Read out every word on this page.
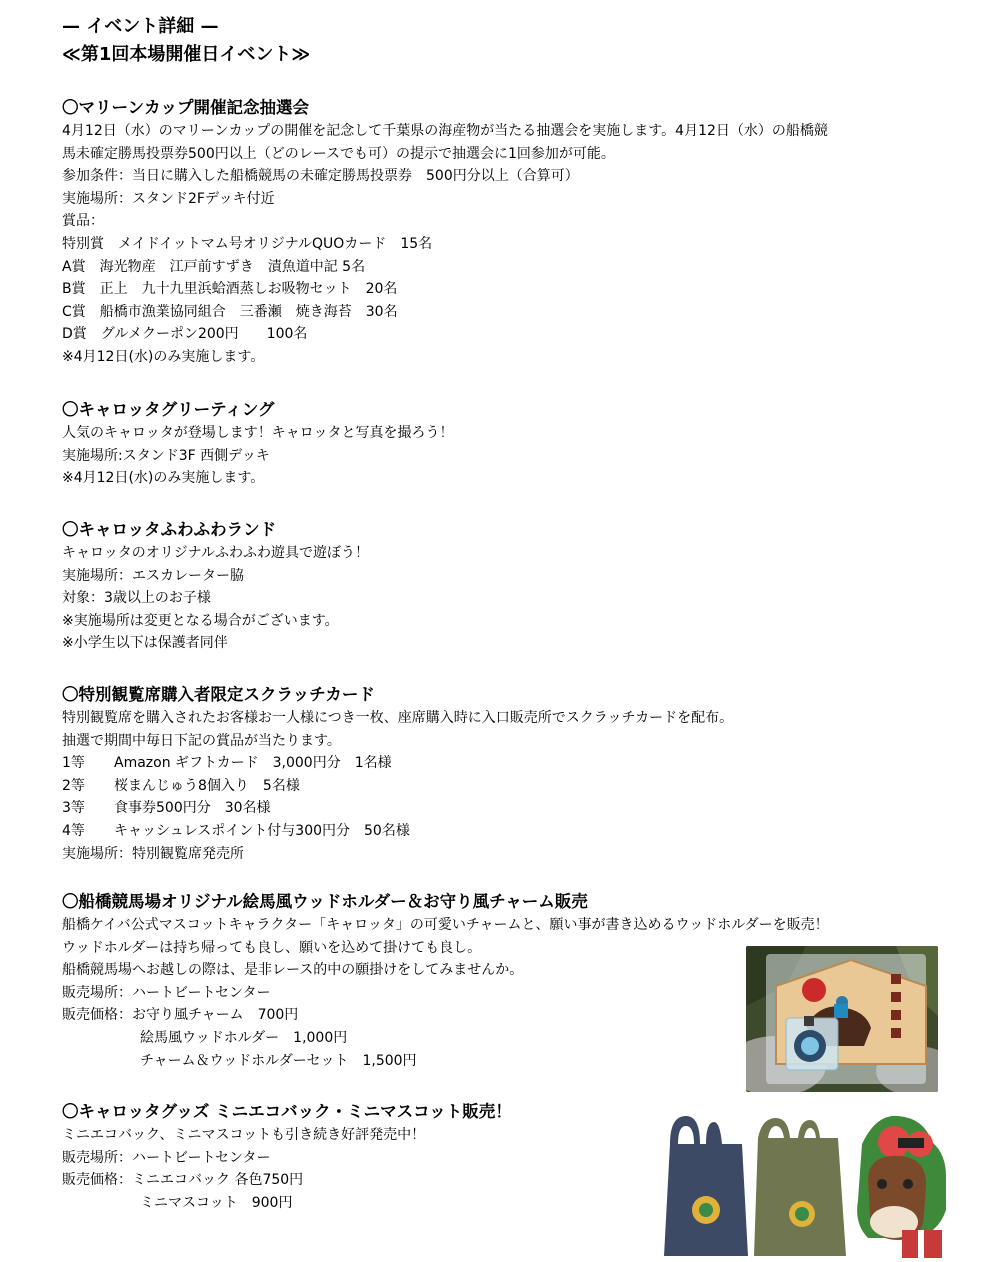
— イベント詳細 —
≪第1回本場開催日イベント≫
〇マリーンカップ開催記念抽選会
4月12日（水）のマリーンカップの開催を記念して千葉県の海産物が当たる抽選会を実施します。4月12日（水）の船橋競
馬未確定勝馬投票券500円以上（どのレースでも可）の提示で抽選会に1回参加が可能。
参加条件：当日に購入した船橋競馬の未確定勝馬投票券　500円分以上（合算可）
実施場所：スタンド2Fデッキ付近
賞品：
特別賞　メイドイットマム号オリジナルQUOカード　15名
A賞　海光物産　江戸前すずき　漬魚道中記 5名
B賞　正上　九十九里浜蛤酒蒸しお吸物セット　20名
C賞　船橋市漁業協同組合　三番瀬　焼き海苔　30名
D賞　グルメクーポン200円　　100名
※4月12日(水)のみ実施します。
〇キャロッタグリーティング
人気のキャロッタが登場します！キャロッタと写真を撮ろう！
実施場所:スタンド3F 西側デッキ
※4月12日(水)のみ実施します。
〇キャロッタふわふわランド
キャロッタのオリジナルふわふわ遊具で遊ぼう！
実施場所：エスカレーター脇
対象：3歳以上のお子様
※実施場所は変更となる場合がございます。
※小学生以下は保護者同伴
〇特別観覧席購入者限定スクラッチカード
特別観覧席を購入されたお客様お一人様につき一枚、座席購入時に入口販売所でスクラッチカードを配布。
抽選で期間中毎日下記の賞品が当たります。
1等	Amazon ギフトカード　3,000円分　1名様
2等	桜まんじゅう8個入り　5名様
3等	食事券500円分　30名様
4等	キャッシュレスポイント付与300円分　50名様
実施場所：特別観覧席発売所
〇船橋競馬場オリジナル絵馬風ウッドホルダー＆お守り風チャーム販売
船橋ケイバ公式マスコットキャラクター「キャロッタ」の可愛いチャームと、願い事が書き込めるウッドホルダーを販売！
ウッドホルダーは持ち帰っても良し、願いを込めて掛けても良し。
船橋競馬場へお越しの際は、是非レース的中の願掛けをしてみませんか。
販売場所：ハートビートセンター
販売価格：お守り風チャーム　700円
絵馬風ウッドホルダー　1,000円
チャーム＆ウッドホルダーセット　1,500円
〇キャロッタグッズ ミニエコバック・ミニマスコット販売！
ミニエコバック、ミニマスコットも引き続き好評発売中！
販売場所：ハートビートセンター
販売価格：ミニエコバック 各色750円
ミニマスコット　900円
